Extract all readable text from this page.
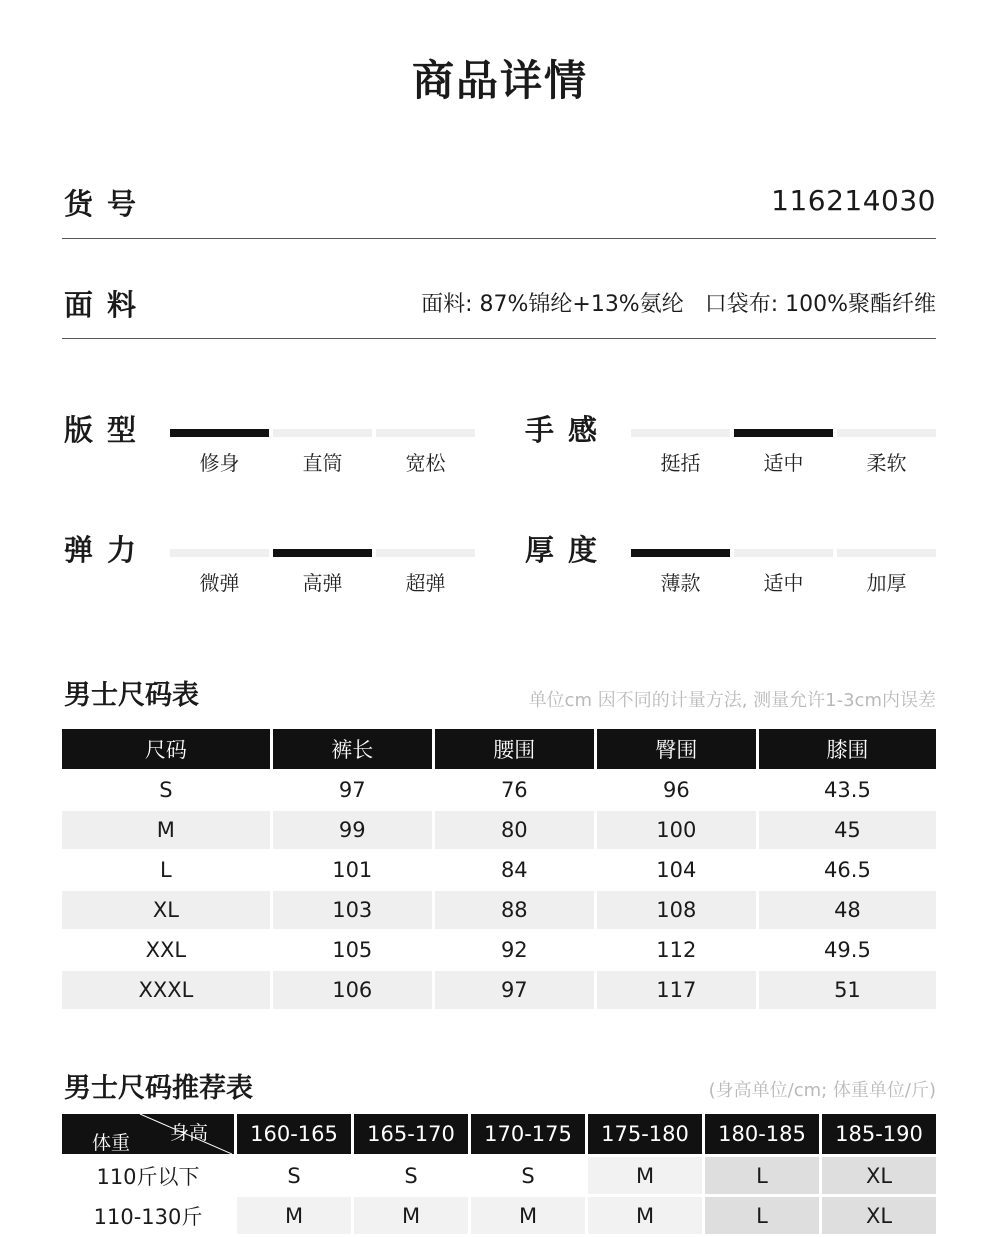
商品详情
货号	116214030
面料	面料: 87%锦纶+13%氨纶   口袋布: 100%聚酯纤维
版型
修身	直筒	宽松
手感
挺括	适中	柔软
弹力
微弹	高弹	超弹
厚度
薄款	适中	加厚
男士尺码表	单位cm 因不同的计量方法, 测量允许1-3cm内误差
尺码	裤长	腰围	臀围	膝围
S	97	76	96	43.5
M	99	80	100	45
L	101	84	104	46.5
XL	103	88	108	48
XXL	105	92	112	49.5
XXXL	106	97	117	51
男士尺码推荐表	(身高单位/cm; 体重单位/斤)
身高
体重	160-165	165-170	170-175	175-180	180-185	185-190
110斤以下	S	S	S	M	L	XL
110-130斤	M	M	M	M	L	XL
